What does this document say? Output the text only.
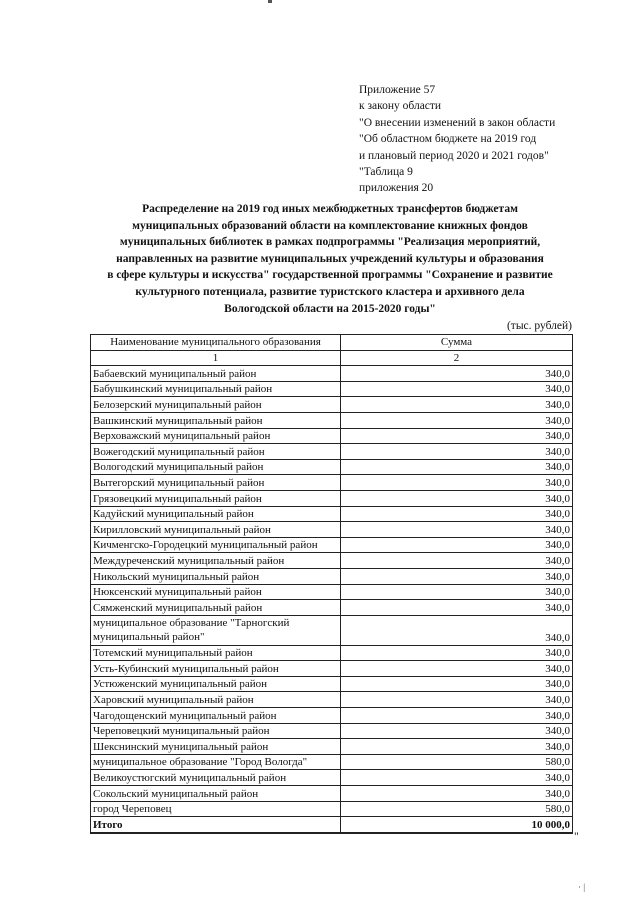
Приложение 57
к закону области
"О внесении изменений в закон области
"Об областном бюджете на 2019 год
и плановый период 2020 и 2021 годов"
"Таблица 9
приложения 20
Распределение на 2019 год иных межбюджетных трансфертов бюджетам
муниципальных образований области на комплектование книжных фондов
муниципальных библиотек в рамках подпрограммы "Реализация мероприятий,
направленных на развитие муниципальных учреждений культуры и образования
в сфере культуры и искусства" государственной программы "Сохранение и развитие
культурного потенциала, развитие туристского кластера и архивного дела
Вологодской области на 2015-2020 годы"
(тыс. рублей)
Наименование муниципального образования	Сумма
1	2
Бабаевский муниципальный район	340,0
Бабушкинский муниципальный район	340,0
Белозерский муниципальный район	340,0
Вашкинский муниципальный район	340,0
Верховажский муниципальный район	340,0
Вожегодский муниципальный район	340,0
Вологодский муниципальный район	340,0
Вытегорский муниципальный район	340,0
Грязовецкий муниципальный район	340,0
Кадуйский муниципальный район	340,0
Кирилловский муниципальный район	340,0
Кичменгско-Городецкий муниципальный район	340,0
Междуреченский муниципальный район	340,0
Никольский муниципальный район	340,0
Нюксенский муниципальный район	340,0
Сямженский муниципальный район	340,0
муниципальное образование "Тарногский муниципальный район"	340,0
Тотемский муниципальный район	340,0
Усть-Кубинский муниципальный район	340,0
Устюженский муниципальный район	340,0
Харовский муниципальный район	340,0
Чагодощенский муниципальный район	340,0
Череповецкий муниципальный район	340,0
Шекснинский муниципальный район	340,0
муниципальное образование "Город Вологда"	580,0
Великоустюгский муниципальный район	340,0
Сокольский муниципальный район	340,0
город Череповец	580,0
Итого	10 000,0
"
· |
